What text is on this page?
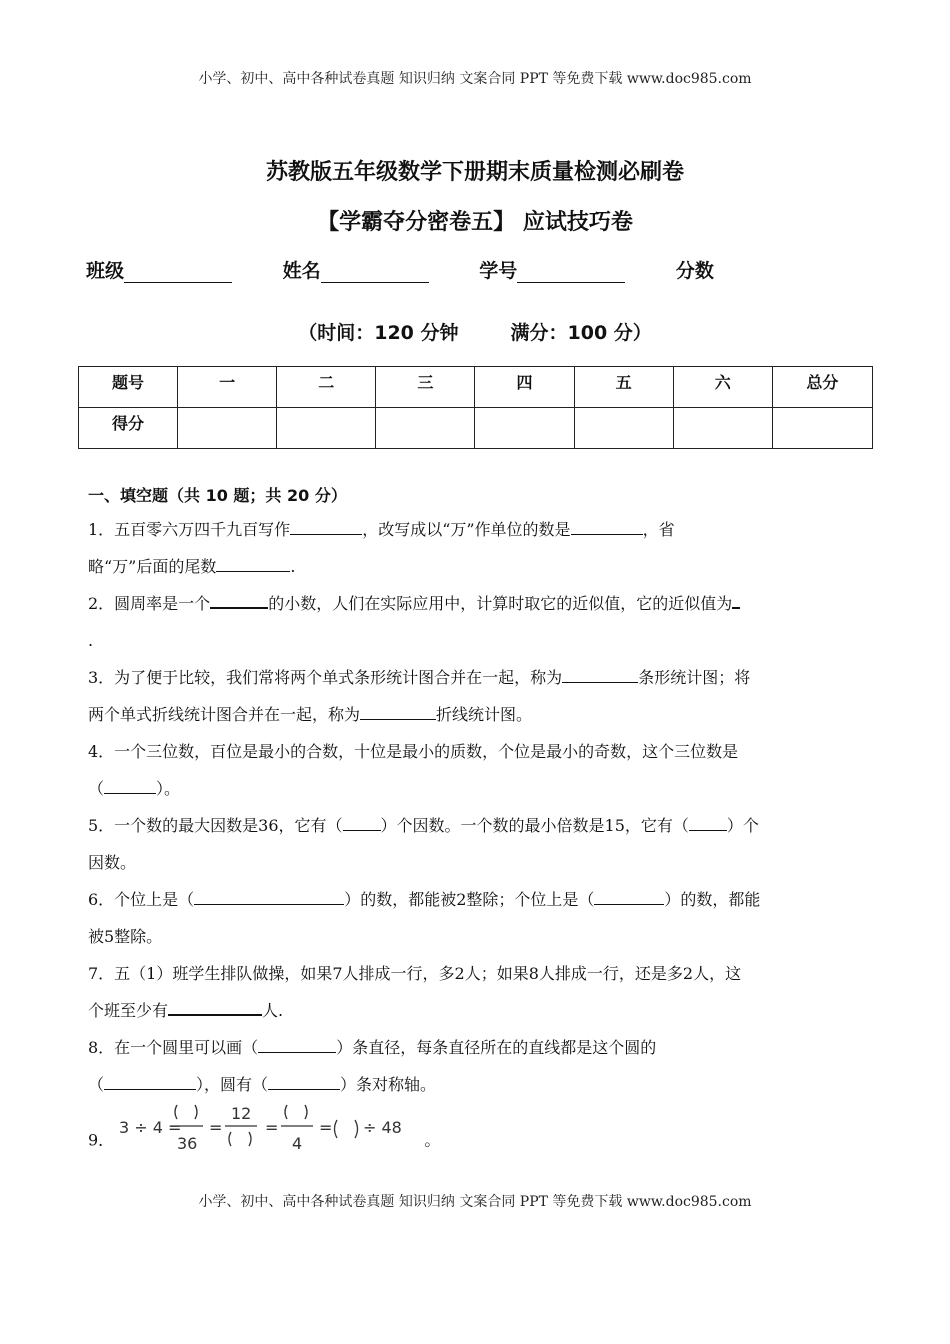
小学、初中、高中各种试卷真题 知识归纳 文案合同 PPT 等免费下载 www.doc985.com
苏教版五年级数学下册期末质量检测必刷卷
【学霸夺分密卷五】 应试技巧卷
班级	姓名	学号	分数
（时间：120 分钟	满分：100 分）
题号	一	二	三	四	五	六	总分
得分							
一、填空题（共 10 题；共 20 分）
1．五百零六万四千九百写作	，改写成以“万”作单位的数是	，省
略“万”后面的尾数	.
2．圆周率是一个	的小数，人们在实际应用中，计算时取它的近似值，它的近似值为
.
3．为了便于比较，我们常将两个单式条形统计图合并在一起，称为	条形统计图；将
两个单式折线统计图合并在一起，称为	折线统计图。
4．一个三位数，百位是最小的合数，十位是最小的质数，个位是最小的奇数，这个三位数是
（	）。
5．一个数的最大因数是36，它有（ ）个因数。一个数的最小倍数是15，它有（ ）个
因数。
6．个位上是（	）的数，都能被2整除；个位上是（	）的数，都能
被5整除。
7．五（1）班学生排队做操，如果7人排成一行，多2人；如果8人排成一行，还是多2人，这
个班至少有	人.
8．在一个圆里可以画（	）条直径，每条直径所在的直线都是这个圆的
（	），圆有（	）条对称轴。
9．
3 ÷ 4 =
36
=
12
=
4
= ÷ 48
。
小学、初中、高中各种试卷真题 知识归纳 文案合同 PPT 等免费下载 www.doc985.com
